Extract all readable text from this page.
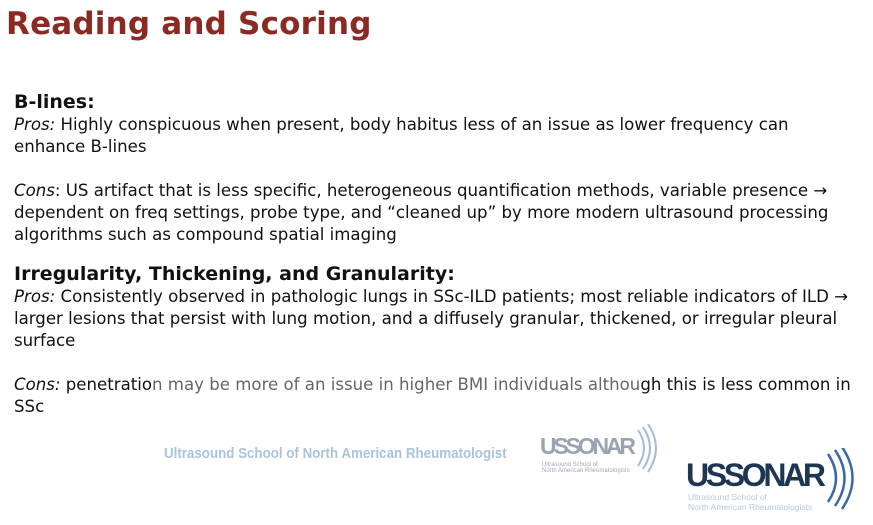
Reading and Scoring

B-lines:

Pros: Highly conspicuous when present, body habitus less of an issue as lower frequency can enhance B-lines

Cons: US artifact that is less specific, heterogeneous quantification methods, variable presence → dependent on freq settings, probe type, and “cleaned up” by more modern ultrasound processing algorithms such as compound spatial imaging

Irregularity, Thickening, and Granularity:

Pros: Consistently observed in pathologic lungs in SSc-ILD patients; most reliable indicators of ILD → larger lesions that persist with lung motion, and a diffusely granular, thickened, or irregular pleural surface

Cons: penetration may be more of an issue in higher BMI individuals although this is less common in SSc

Ultrasound School of North American Rheumatologist USSONAR
Ultrasound School of
North American Rheumatologists USSONAR
Ultrasound School of
North American Rheumatologists
